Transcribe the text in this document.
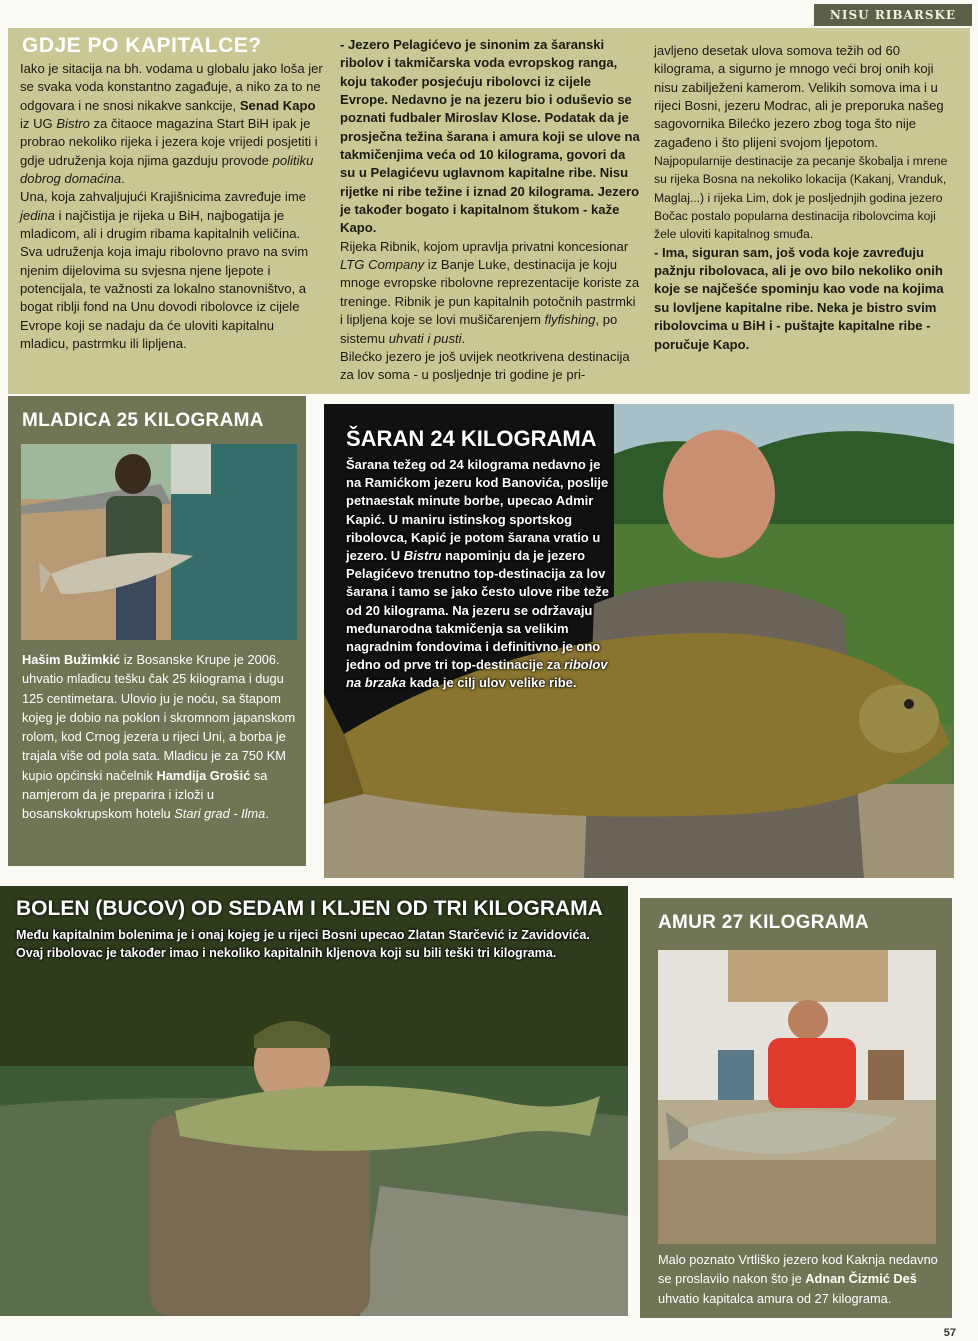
NISU RIBARSKE
GDJE PO KAPITALCE?

Iako je sitacija na bh. vodama u globalu jako loša jer se svaka voda konstantno zagađuje, a niko za to ne odgovara i ne snosi nikakve sankcije, Senad Kapo iz UG Bistro za čitaoce magazina Start BiH ipak je probrao nekoliko rijeka i jezera koje vrijedi posjetiti i gdje udruženja koja njima gazduju provode politiku dobrog domaćina.

Una, koja zahvaljujući Krajišnicima zavređuje ime jedina i najčistija je rijeka u BiH, najbogatija je mladicom, ali i drugim ribama kapitalnih veličina. Sva udruženja koja imaju ribolovno pravo na svim njenim dijelovima su svjesna njene ljepote i potencijala, te važnosti za lokalno stanovništvo, a bogat riblji fond na Unu dovodi ribolovce iz cijele Evrope koji se nadaju da će uloviti kapitalnu mladicu, pastrmku ili lipljena.

- Jezero Pelagićevo je sinonim za šaranski ribolov i takmičarska voda evropskog ranga, koju također posjećuju ribolovci iz cijele Evrope. Nedavno je na jezeru bio i oduševio se poznati fudbaler Miroslav Klose. Podatak da je prosječna težina šarana i amura koji se ulove na takmičenjima veća od 10 kilograma, govori da su u Pelagićevu uglavnom kapitalne ribe. Nisu rijetke ni ribe težine i iznad 20 kilograma. Jezero je također bogato i kapitalnom štukom - kaže Kapo.

Rijeka Ribnik, kojom upravlja privatni koncesionar LTG Company iz Banje Luke, destinacija je koju mnoge evropske ribolovne reprezentacije koriste za treninge. Ribnik je pun kapitalnih potočnih pastrmki i lipljena koje se lovi mušičarenjem flyfishing, po sistemu uhvati i pusti.

Bilećko jezero je još uvijek neotkrivena destinacija za lov soma - u posljednje tri godine je pri-

javljeno desetak ulova somova težih od 60 kilograma, a sigurno je mnogo veći broj onih koji nisu zabilježeni kamerom. Velikih somova ima i u rijeci Bosni, jezeru Modrac, ali je preporuka našeg sagovornika Bilećko jezero zbog toga što nije zagađeno i što plijeni svojom ljepotom.

Najpopularnije destinacije za pecanje škobalja i mrene su rijeka Bosna na nekoliko lokacija (Kakanj, Vranduk, Maglaj...) i rijeka Lim, dok je posljednjih godina jezero Bočac postalo popularna destinacija ribolovcima koji žele uloviti kapitalnog smuđa.

- Ima, siguran sam, još voda koje zavređuju pažnju ribolovaca, ali je ovo bilo nekoliko onih koje se najčešće spominju kao vode na kojima su lovljene kapitalne ribe. Neka je bistro svim ribolovcima u BiH i - puštajte kapitalne ribe - poručuje Kapo.

MLADICA 25 KILOGRAMA
Hašim Bužimkić iz Bosanske Krupe je 2006. uhvatio mladicu tešku čak 25 kilograma i dugu 125 centimetara. Ulovio ju je noću, sa štapom kojeg je dobio na poklon i skromnom japanskom rolom, kod Crnog jezera u rijeci Uni, a borba je trajala više od pola sata. Mladicu je za 750 KM kupio općinski načelnik Hamdija Grošić sa namjerom da je preparira i izloži u bosanskokrupskom hotelu Stari grad - Ilma.
ŠARAN 24 KILOGRAMA
Šarana težeg od 24 kilograma nedavno je na Ramićkom jezeru kod Banovića, poslije petnaestak minute borbe, upecao Admir Kapić. U maniru istinskog sportskog ribolovca, Kapić je potom šarana vratio u jezero. U Bistru napominju da je jezero Pelagićevo trenutno top-destinacija za lov šarana i tamo se jako često ulove ribe teže od 20 kilograma. Na jezeru se održavaju međunarodna takmičenja sa velikim nagradnim fondovima i definitivno je ono jedno od prve tri top-destinacije za ribolov na brzaka kada je cilj ulov velike ribe.
BOLEN (BUCOV) OD SEDAM I KLJEN OD TRI KILOGRAMA
Među kapitalnim bolenima je i onaj kojeg je u rijeci Bosni upecao Zlatan Starčević iz Zavidovića. Ovaj ribolovac je također imao i nekoliko kapitalnih kljenova koji su bili teški tri kilograma.
AMUR 27 KILOGRAMA
Malo poznato Vrtliško jezero kod Kaknja nedavno se proslavilo nakon što je Adnan Čizmić Deš uhvatio kapitalca amura od 27 kilograma.
57
